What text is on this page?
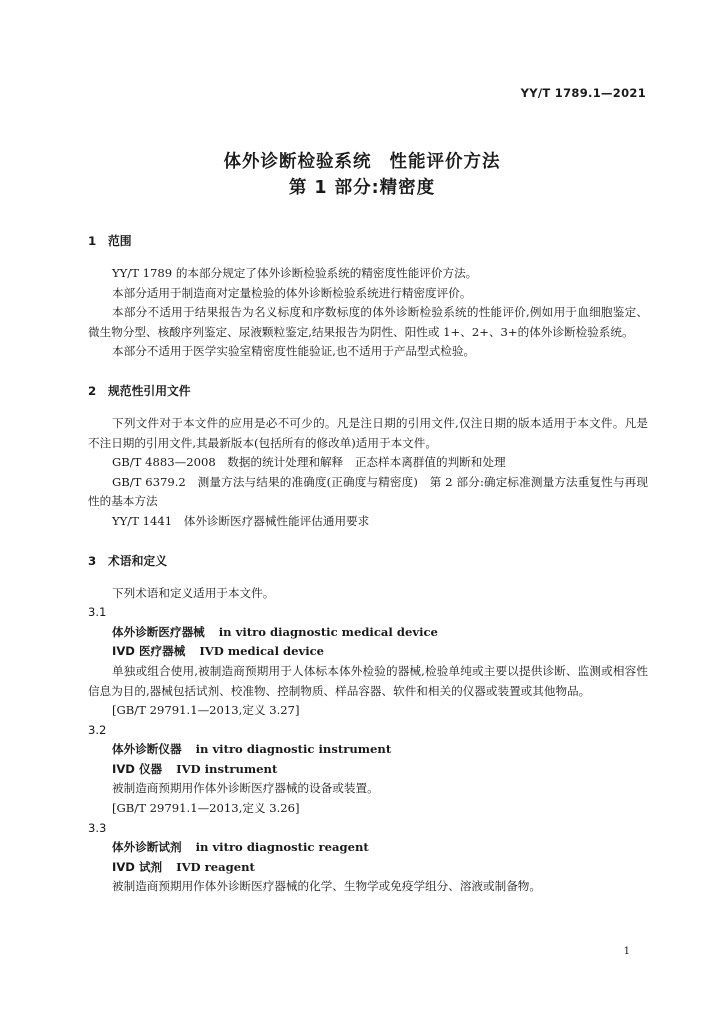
YY/T 1789.1—2021
体外诊断检验系统 性能评价方法
第 1 部分:精密度
1 范围

YY/T 1789 的本部分规定了体外诊断检验系统的精密度性能评价方法。

本部分适用于制造商对定量检验的体外诊断检验系统进行精密度评价。

本部分不适用于结果报告为名义标度和序数标度的体外诊断检验系统的性能评价,例如用于血细胞鉴定、微生物分型、核酸序列鉴定、尿液颗粒鉴定,结果报告为阴性、阳性或 1+、2+、3+的体外诊断检验系统。

本部分不适用于医学实验室精密度性能验证,也不适用于产品型式检验。

2 规范性引用文件

下列文件对于本文件的应用是必不可少的。凡是注日期的引用文件,仅注日期的版本适用于本文件。凡是不注日期的引用文件,其最新版本(包括所有的修改单)适用于本文件。

GB/T 4883—2008　数据的统计处理和解释　正态样本离群值的判断和处理

GB/T 6379.2　测量方法与结果的准确度(正确度与精密度)　第 2 部分:确定标准测量方法重复性与再现性的基本方法

YY/T 1441　体外诊断医疗器械性能评估通用要求

3 术语和定义

下列术语和定义适用于本文件。

3.1
体外诊断医疗器械 in vitro diagnostic medical device
IVD 医疗器械 IVD medical device

单独或组合使用,被制造商预期用于人体标本体外检验的器械,检验单纯或主要以提供诊断、监测或相容性信息为目的,器械包括试剂、校准物、控制物质、样品容器、软件和相关的仪器或装置或其他物品。

[GB/T 29791.1—2013,定义 3.27]
3.2
体外诊断仪器 in vitro diagnostic instrument
IVD 仪器 IVD instrument

被制造商预期用作体外诊断医疗器械的设备或装置。

[GB/T 29791.1—2013,定义 3.26]
3.3
体外诊断试剂 in vitro diagnostic reagent
IVD 试剂 IVD reagent

被制造商预期用作体外诊断医疗器械的化学、生物学或免疫学组分、溶液或制备物。

1
